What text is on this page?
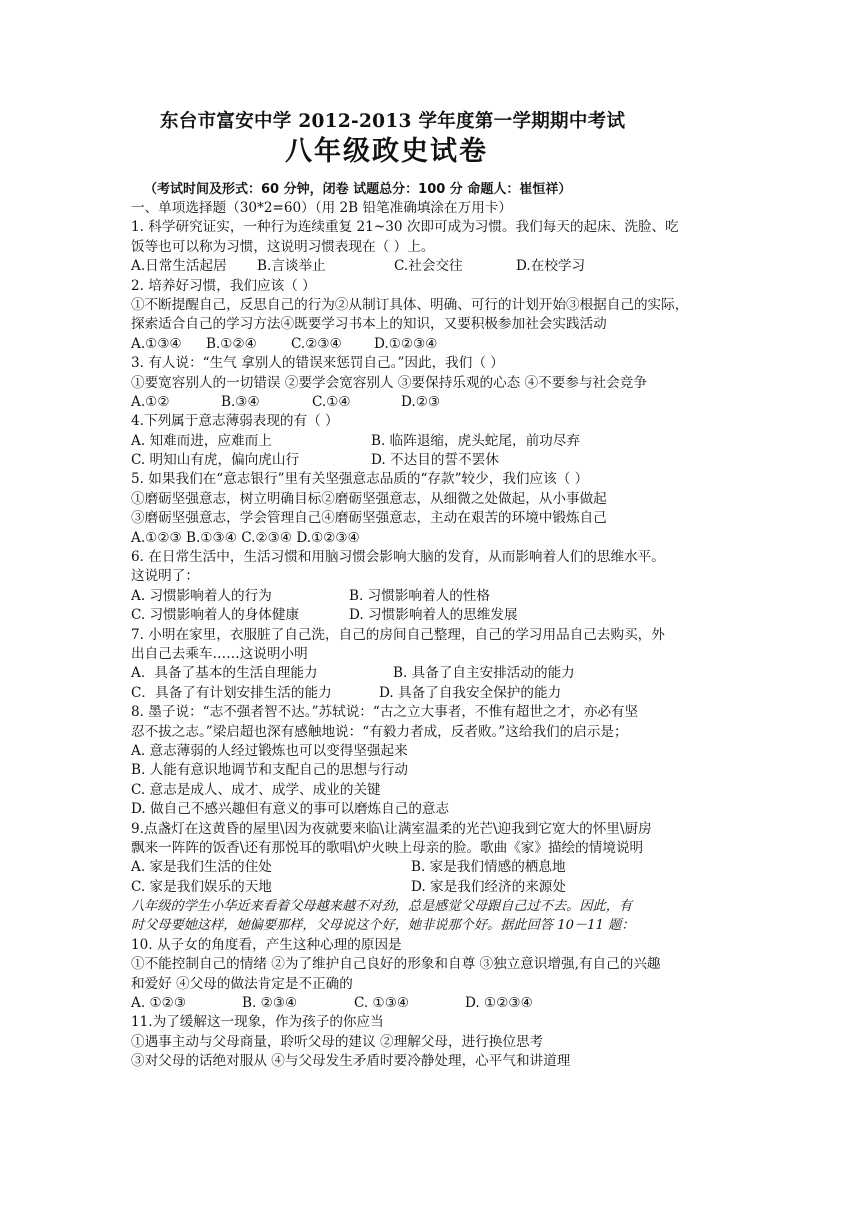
东台市富安中学 2012-2013 学年度第一学期期中考试
八年级政史试卷
（考试时间及形式：60 分钟，闭卷 试题总分：100 分 命题人：崔恒祥）
一、单项选择题（30*2=60）（用 2B 铅笔准确填涂在万用卡）
1. 科学研究证实，一种行为连续重复 21~30 次即可成为习惯。我们每天的起床、洗脸、吃
饭等也可以称为习惯，这说明习惯表现在（ ）上。
A.日常生活起居 B.言谈举止	C.社会交往	D.在校学习
2. 培养好习惯，我们应该（ ）
①不断提醒自己，反思自己的行为②从制订具体、明确、可行的计划开始③根据自己的实际，
探索适合自己的学习方法④既要学习书本上的知识，又要积极参加社会实践活动
A.①③④ B.①②④	C.②③④ D.①②③④
3. 有人说：“生气 拿别人的错误来惩罚自己。”因此，我们（ ）
①要宽容别人的一切错误 ②要学会宽容别人 ③要保持乐观的心态 ④不要参与社会竞争
A.①②	B.③④	C.①④	D.②③
4.下列属于意志薄弱表现的有（ ）
A. 知难而进，应难而上	B. 临阵退缩，虎头蛇尾，前功尽弃
C. 明知山有虎，偏向虎山行	D. 不达目的誓不罢休
5. 如果我们在“意志银行”里有关坚强意志品质的“存款”较少，我们应该（ ）
①磨砺坚强意志，树立明确目标②磨砺坚强意志，从细微之处做起，从小事做起
③磨砺坚强意志，学会管理自己④磨砺坚强意志，主动在艰苦的环境中锻炼自己
A.①②③ B.①③④ C.②③④ D.①②③④
6. 在日常生活中，生活习惯和用脑习惯会影响大脑的发育，从而影响着人们的思维水平。
这说明了：
A. 习惯影响着人的行为	B. 习惯影响着人的性格
C. 习惯影响着人的身体健康	D. 习惯影响着人的思维发展
7. 小明在家里，衣服脏了自己洗，自己的房间自己整理，自己的学习用品自己去购买，外
出自己去乘车……这说明小明
A．具备了基本的生活自理能力	B. 具备了自主安排活动的能力
C．具备了有计划安排生活的能力	D. 具备了自我安全保护的能力
8. 墨子说：“志不强者智不达。”苏轼说：“古之立大事者，不惟有超世之才，亦必有坚
忍不拔之志。”梁启超也深有感触地说：“有毅力者成，反者败。”这给我们的启示是；
A. 意志薄弱的人经过锻炼也可以变得坚强起来
B. 人能有意识地调节和支配自己的思想与行动
C. 意志是成人、成才、成学、成业的关键
D. 做自己不感兴趣但有意义的事可以磨炼自己的意志
9.点盏灯在这黄昏的屋里\因为夜就要来临\让满室温柔的光芒\迎我到它宽大的怀里\厨房
飘来一阵阵的饭香\还有那悦耳的歌唱\炉火映上母亲的脸。歌曲《家》描绘的情境说明
A. 家是我们生活的住处	B. 家是我们情感的栖息地
C. 家是我们娱乐的天地	D. 家是我们经济的来源处
八年级的学生小华近来看着父母越来越不对劲，总是感觉父母跟自己过不去。因此，有
时父母要她这样，她偏要那样，父母说这个好，她非说那个好。据此回答 10－11 题：
10. 从子女的角度看，产生这种心理的原因是
①不能控制自己的情绪 ②为了维护自己良好的形象和自尊 ③独立意识增强,有自己的兴趣
和爱好 ④父母的做法肯定是不正确的
A. ①②③	B. ②③④	C. ①③④	D. ①②③④
11.为了缓解这一现象，作为孩子的你应当
①遇事主动与父母商量，聆听父母的建议 ②理解父母，进行换位思考
③对父母的话绝对服从 ④与父母发生矛盾时要冷静处理，心平气和讲道理
